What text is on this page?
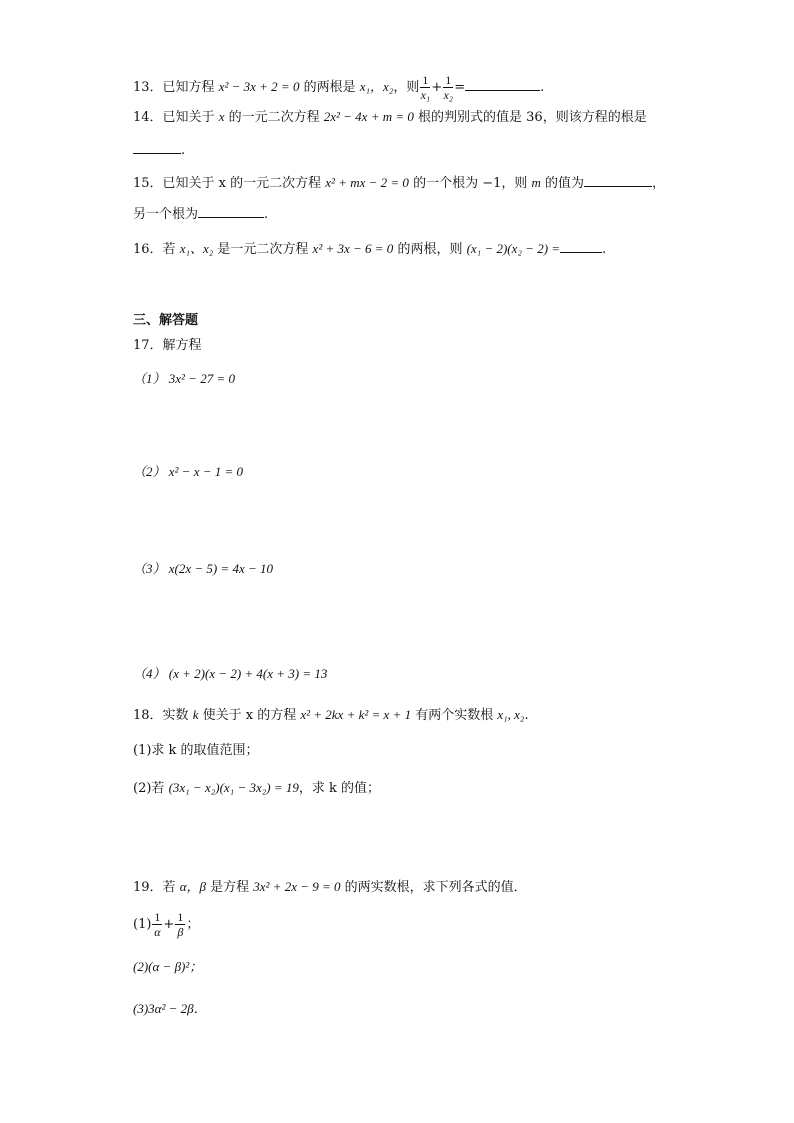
13．已知方程 x² − 3x + 2 = 0 的两根是 x₁，x₂，则 $\frac{1}{\text{x₁}} + \frac{1}{\text{x₂}}$ =	.
14．已知关于 x 的一元二次方程 2x² − 4x + m = 0 根的判别式的值是 36，则该方程的根是
.
15．已知关于 x 的一元二次方程 x² + mx − 2 = 0 的一个根为 −1，则 m 的值为	，
另一个根为	.
16．若 x₁、x₂ 是一元二次方程 x² + 3x − 6 = 0 的两根，则 (x₁ − 2)(x₂ − 2) =	.
三、解答题
17．解方程
（1） 3x² − 27 = 0
（2） x² − x − 1 = 0
（3） x(2x − 5) = 4x − 10
（4） (x + 2)(x − 2) + 4(x + 3) = 13
18．实数 k 使关于 x 的方程 x² + 2kx + k² = x + 1 有两个实数根 x₁, x₂.
(1)求 k 的取值范围；
(2)若 (3x₁ − x₂)(x₁ − 3x₂) = 19，求 k 的值；
19．若 α，β 是方程 3x² + 2x − 9 = 0 的两实数根，求下列各式的值．
$(1) \frac{1}{\alpha} + \frac{1}{\beta}$ ；
(2)(α − β)²；
(3)3α² − 2β．
